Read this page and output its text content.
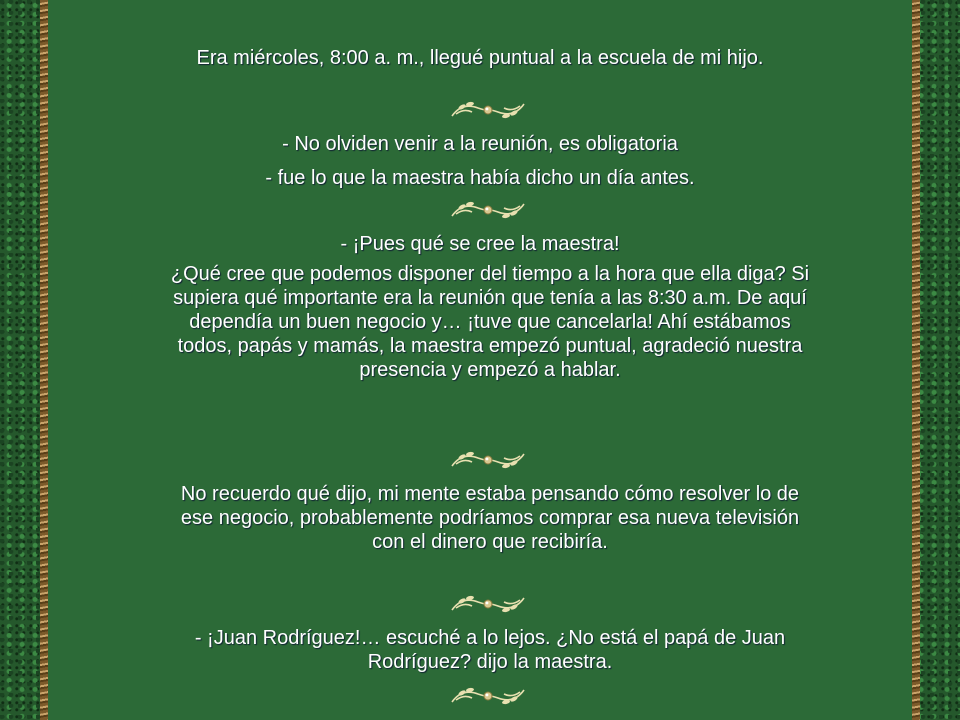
Era miércoles, 8:00 a. m., llegué puntual a la escuela de mi hijo.
- No olviden venir a la reunión, es obligatoria
- fue lo que la maestra había dicho un día antes.
- ¡Pues qué se cree la maestra!
¿Qué cree que podemos disponer del tiempo a la hora que ella diga? Si supiera qué importante era la reunión que tenía a las 8:30 a.m. De aquí dependía un buen negocio y… ¡tuve que cancelarla! Ahí estábamos todos, papás y mamás, la maestra empezó puntual, agradeció nuestra presencia y empezó a hablar.
No recuerdo qué dijo, mi mente estaba pensando cómo resolver lo de ese negocio, probablemente podríamos comprar esa nueva televisión con el dinero que recibiría.
- ¡Juan Rodríguez!… escuché a lo lejos. ¿No está el papá de Juan Rodríguez? dijo la maestra.
